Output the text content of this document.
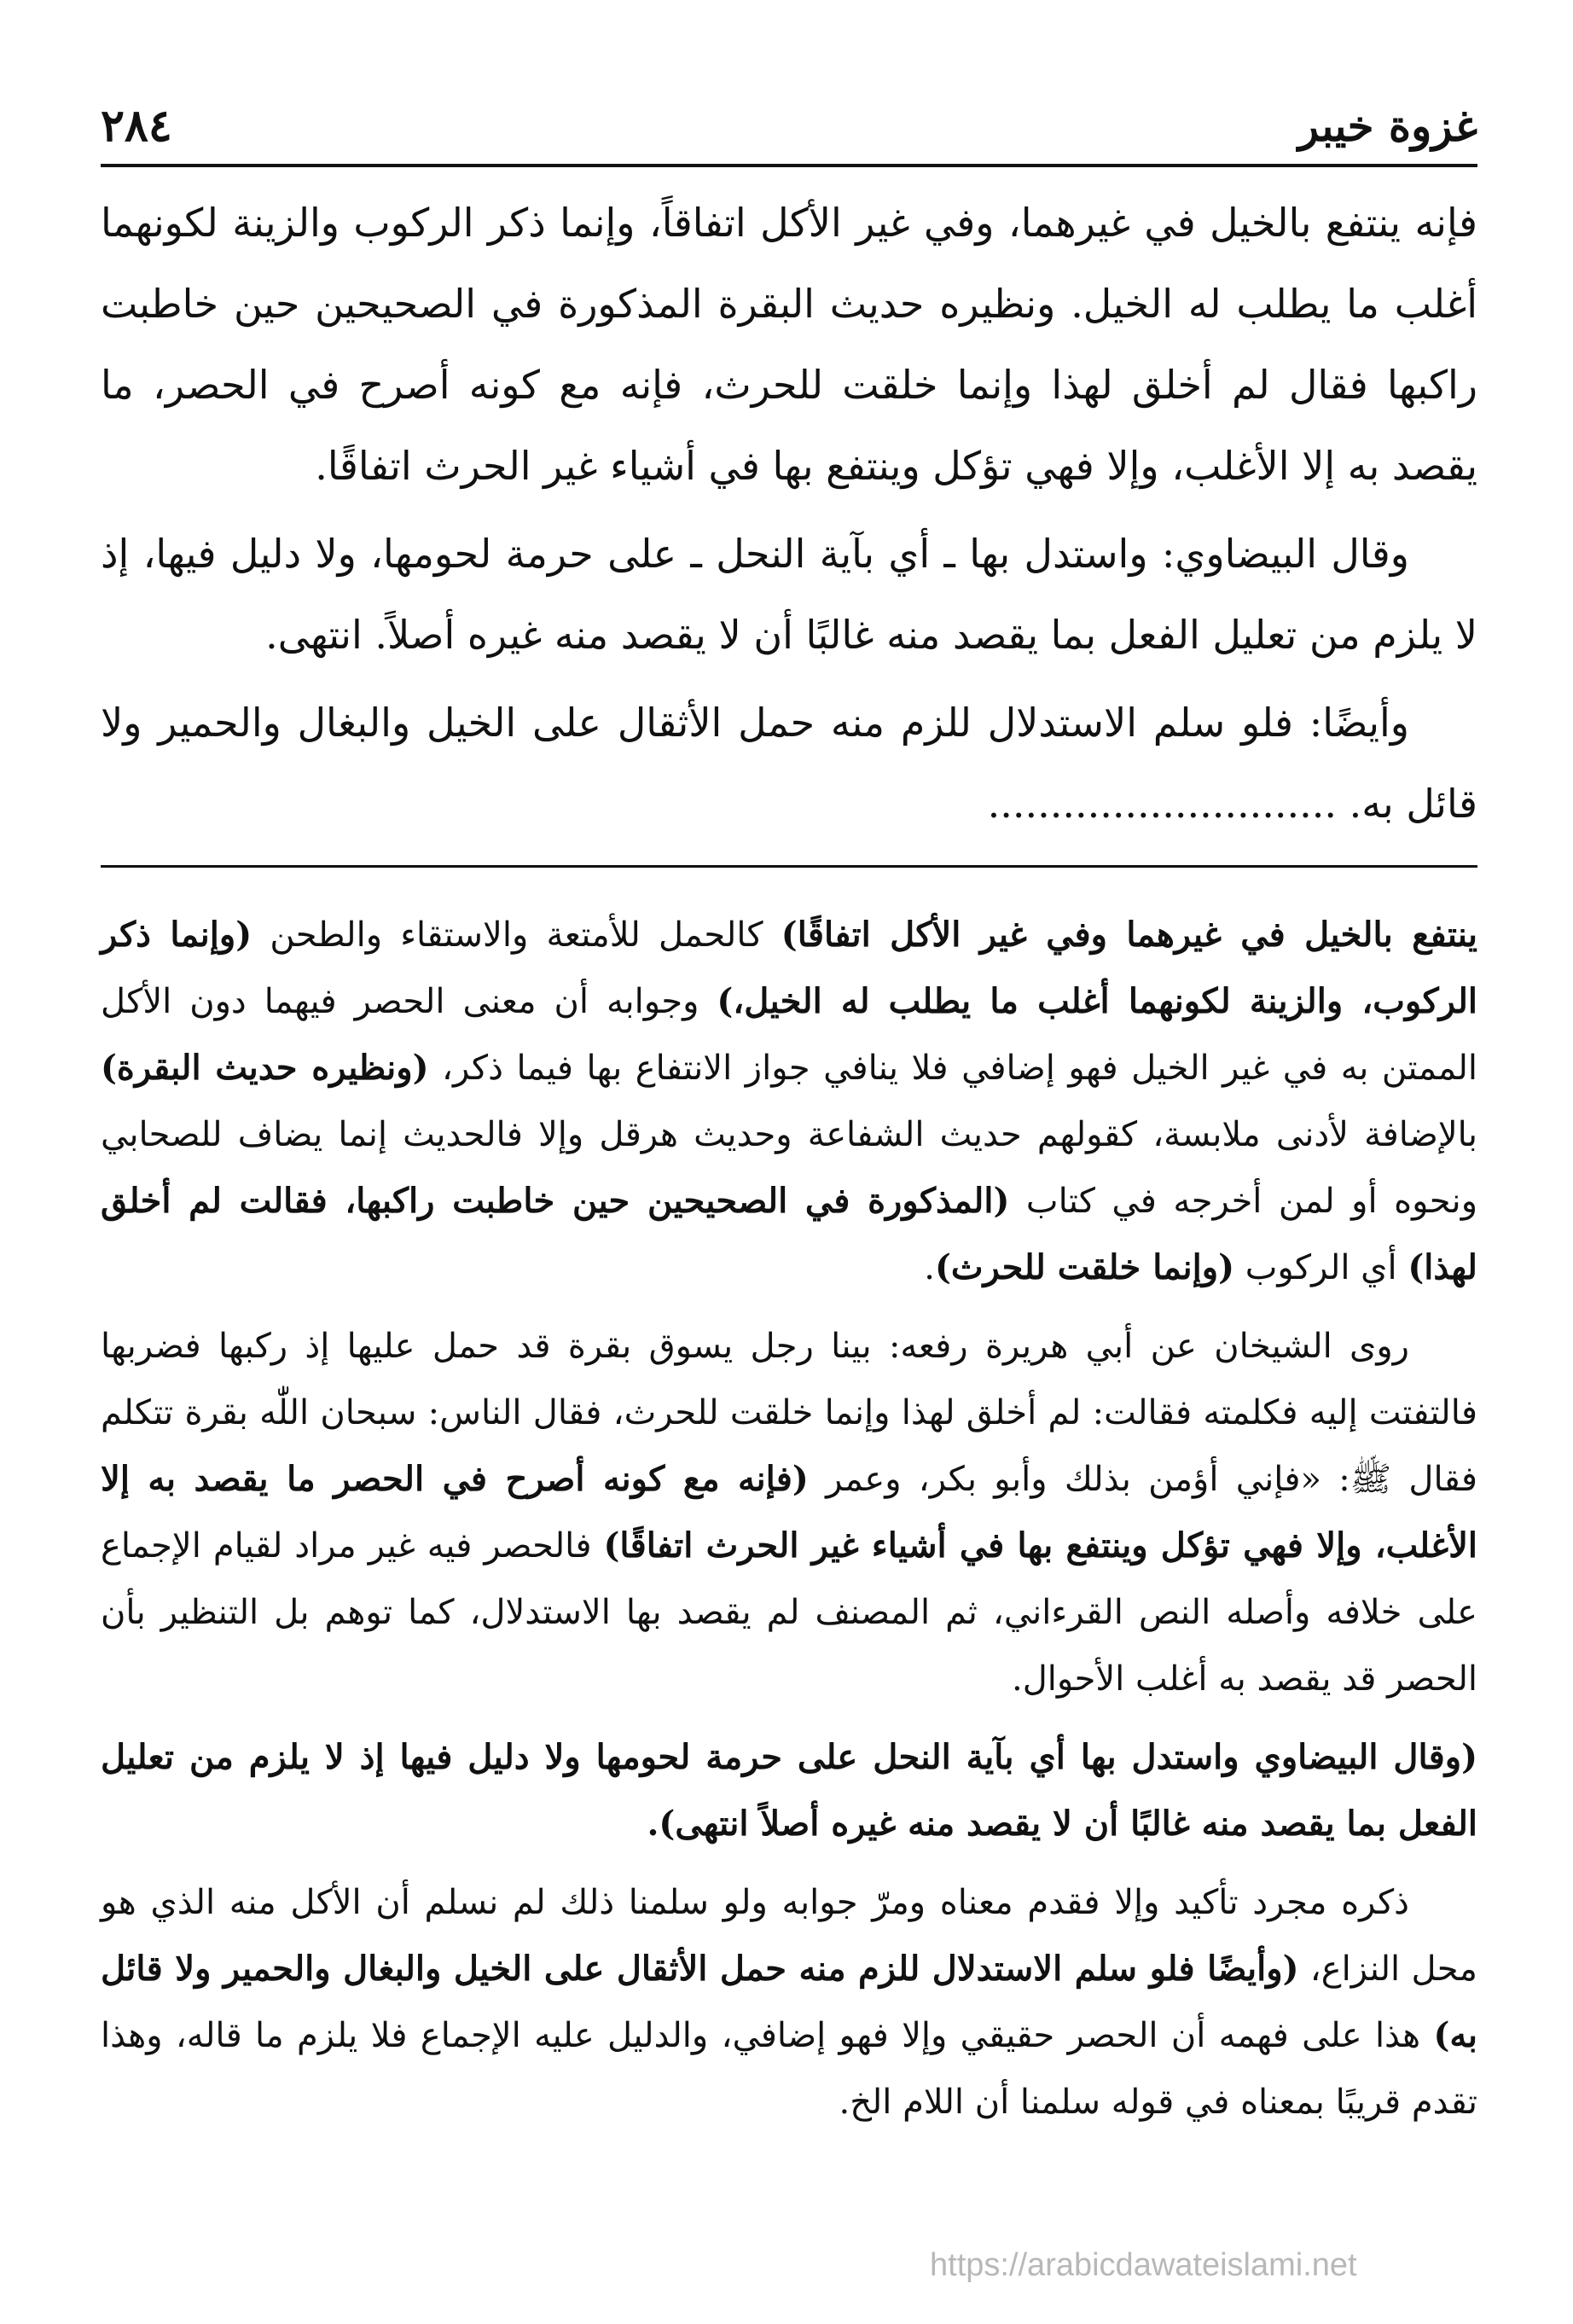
غزوة خيبر
٢٨٤

فإنه ينتفع بالخيل في غيرهما، وفي غير الأكل اتفاقاً، وإنما ذكر الركوب والزينة لكونهما أغلب ما يطلب له الخيل. ونظيره حديث البقرة المذكورة في الصحيحين حين خاطبت راكبها فقال لم أخلق لهذا وإنما خلقت للحرث، فإنه مع كونه أصرح في الحصر، ما يقصد به إلا الأغلب، وإلا فهي تؤكل وينتفع بها في أشياء غير الحرث اتفاقًا.

وقال البيضاوي: واستدل بها ـ أي بآية النحل ـ على حرمة لحومها، ولا دليل فيها، إذ لا يلزم من تعليل الفعل بما يقصد منه غالبًا أن لا يقصد منه غيره أصلاً. انتهى.

وأيضًا: فلو سلم الاستدلال للزم منه حمل الأثقال على الخيل والبغال والحمير ولا قائل به. ............................

ينتفع بالخيل في غيرهما وفي غير الأكل اتفاقًا) كالحمل للأمتعة والاستقاء والطحن (وإنما ذكر الركوب، والزينة لكونهما أغلب ما يطلب له الخيل،) وجوابه أن معنى الحصر فيهما دون الأكل الممتن به في غير الخيل فهو إضافي فلا ينافي جواز الانتفاع بها فيما ذكر، (ونظيره حديث البقرة) بالإضافة لأدنى ملابسة، كقولهم حديث الشفاعة وحديث هرقل وإلا فالحديث إنما يضاف للصحابي ونحوه أو لمن أخرجه في كتاب (المذكورة في الصحيحين حين خاطبت راكبها، فقالت لم أخلق لهذا) أي الركوب (وإنما خلقت للحرث).

روى الشيخان عن أبي هريرة رفعه: بينا رجل يسوق بقرة قد حمل عليها إذ ركبها فضربها فالتفتت إليه فكلمته فقالت: لم أخلق لهذا وإنما خلقت للحرث، فقال الناس: سبحان اللّٰه بقرة تتكلم فقال ﷺ: «فإني أؤمن بذلك وأبو بكر، وعمر (فإنه مع كونه أصرح في الحصر ما يقصد به إلا الأغلب، وإلا فهي تؤكل وينتفع بها في أشياء غير الحرث اتفاقًا) فالحصر فيه غير مراد لقيام الإجماع على خلافه وأصله النص القرءاني، ثم المصنف لم يقصد بها الاستدلال، كما توهم بل التنظير بأن الحصر قد يقصد به أغلب الأحوال.

(وقال البيضاوي واستدل بها أي بآية النحل على حرمة لحومها ولا دليل فيها إذ لا يلزم من تعليل الفعل بما يقصد منه غالبًا أن لا يقصد منه غيره أصلاً انتهى).

ذكره مجرد تأكيد وإلا فقدم معناه ومرّ جوابه ولو سلمنا ذلك لم نسلم أن الأكل منه الذي هو محل النزاع، (وأيضًا فلو سلم الاستدلال للزم منه حمل الأثقال على الخيل والبغال والحمير ولا قائل به) هذا على فهمه أن الحصر حقيقي وإلا فهو إضافي، والدليل عليه الإجماع فلا يلزم ما قاله، وهذا تقدم قريبًا بمعناه في قوله سلمنا أن اللام الخ.

https://arabicdawateislami.net
